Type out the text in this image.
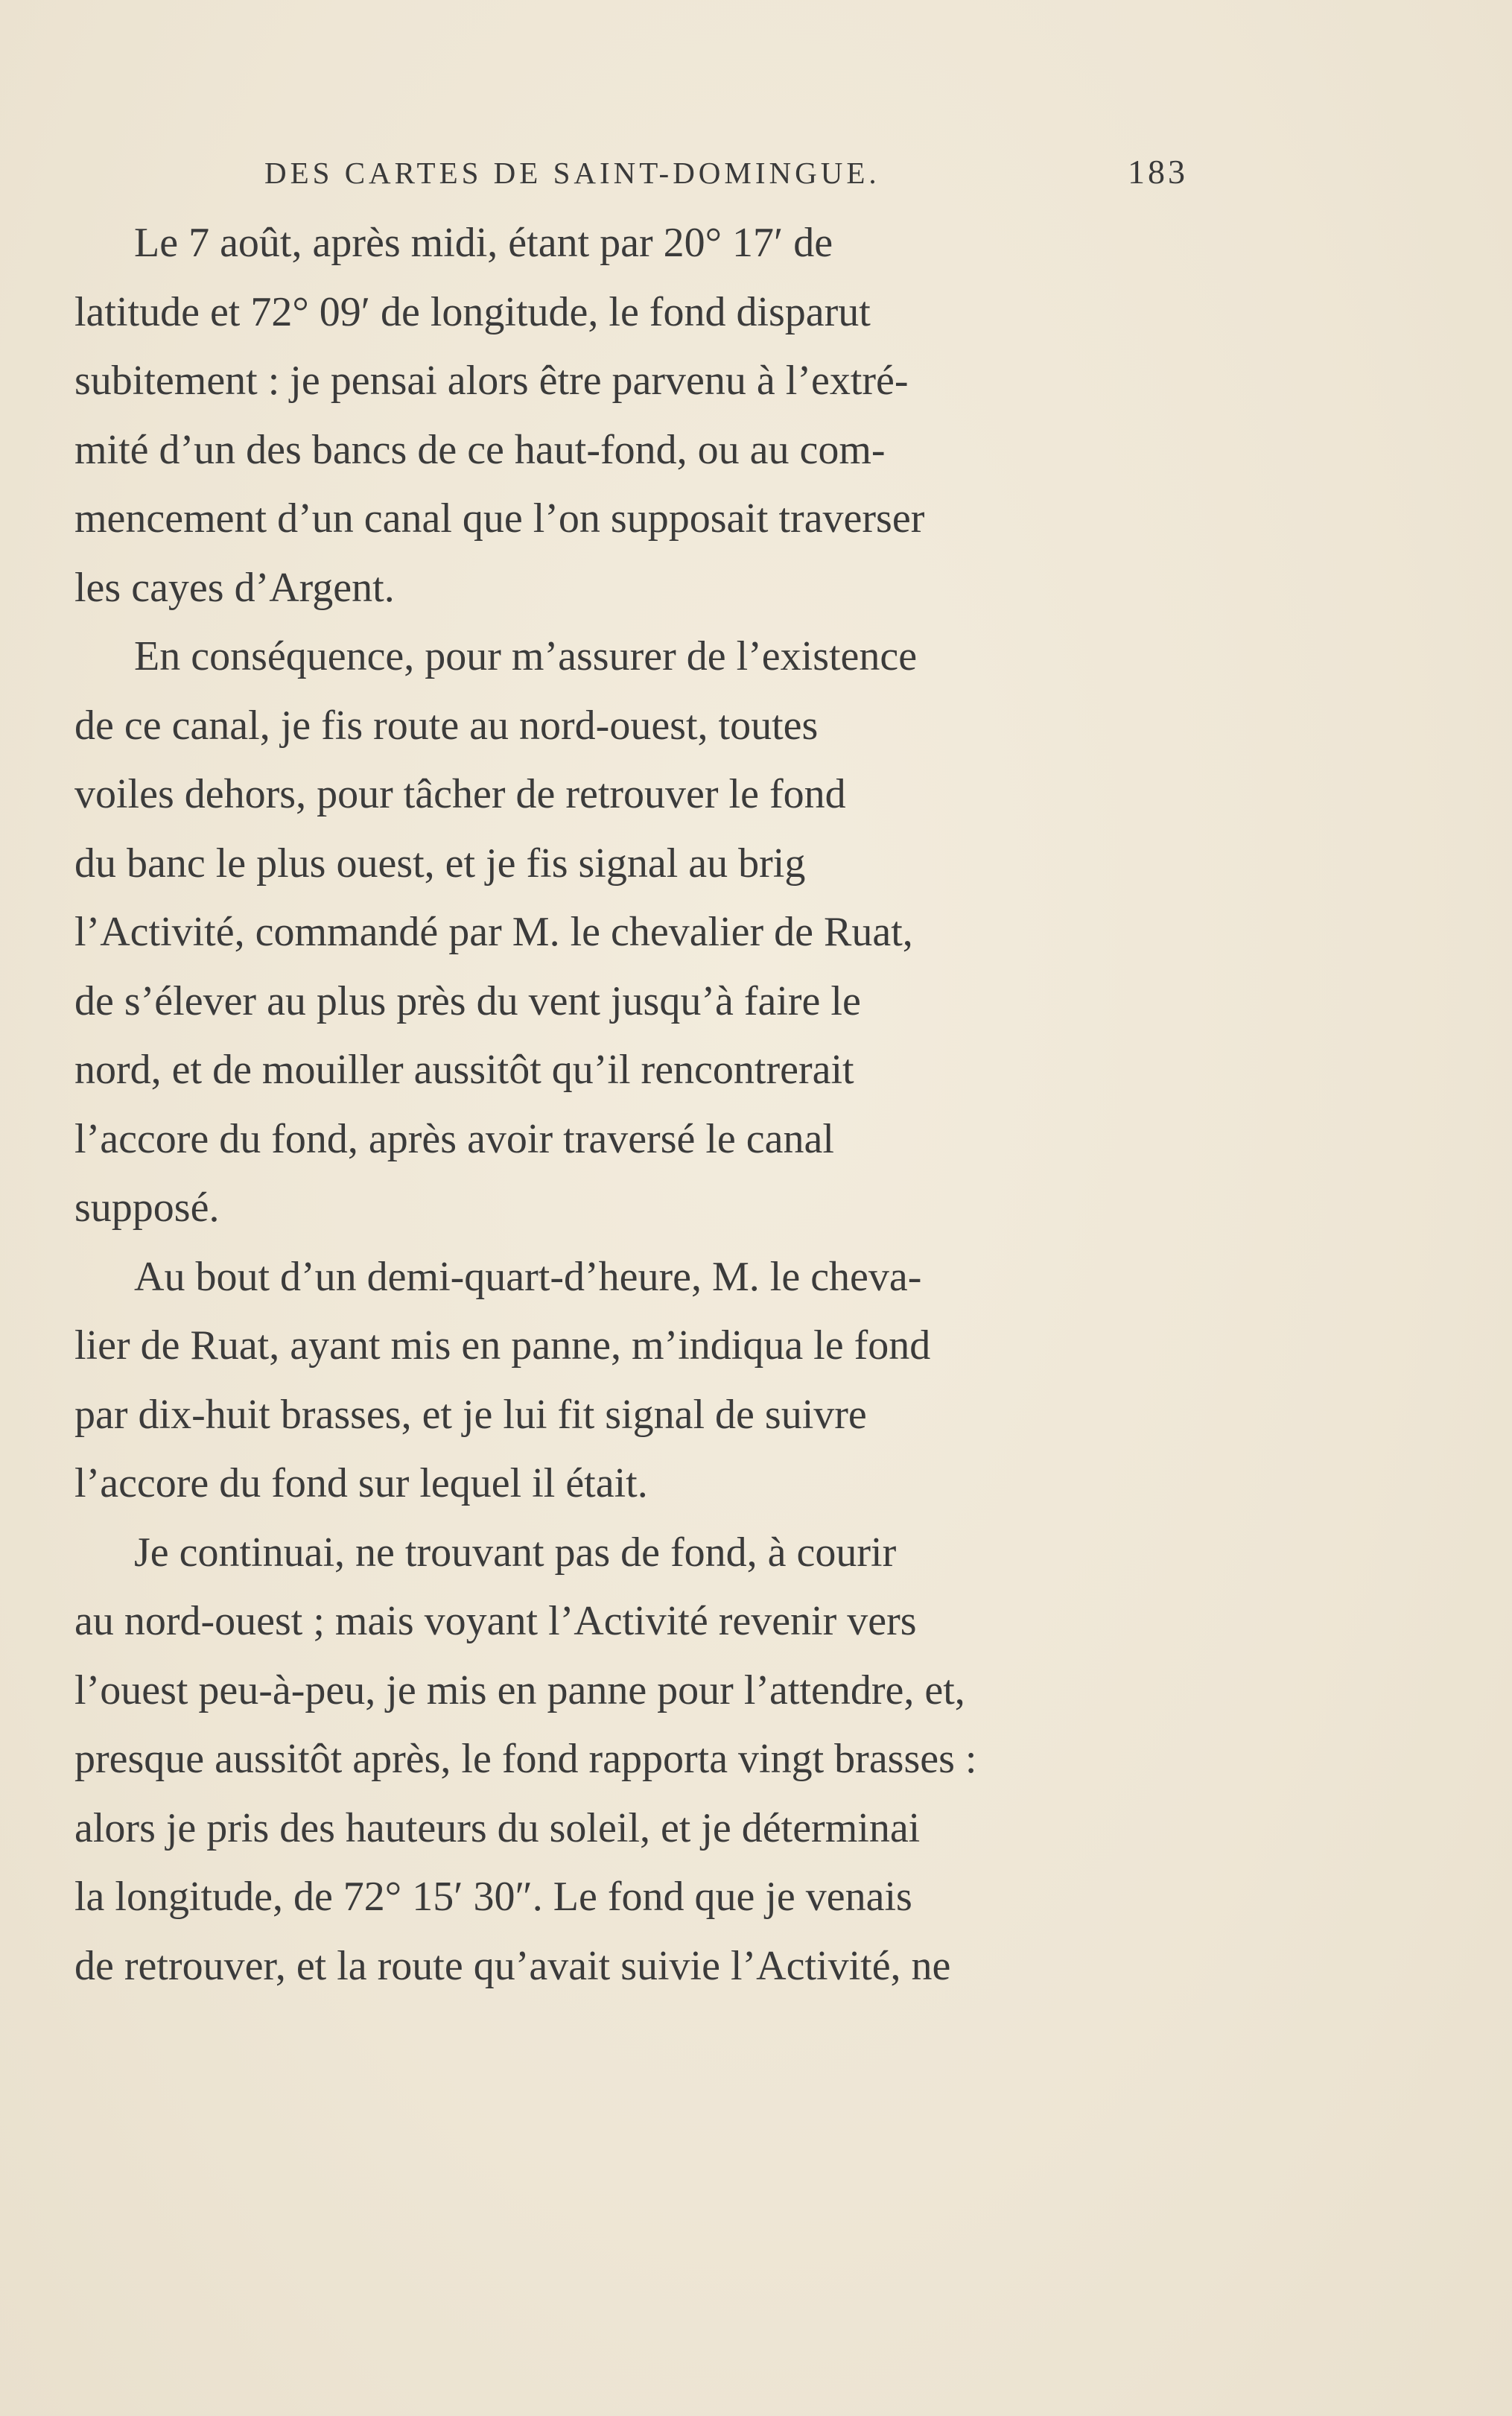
DES CARTES DE SAINT-DOMINGUE.	183
Le 7 août, après midi, étant par 20° 17′ de
latitude et 72° 09′ de longitude, le fond disparut
subitement : je pensai alors être parvenu à l’extré-
mité d’un des bancs de ce haut-fond, ou au com-
mencement d’un canal que l’on supposait traverser
les cayes d’Argent.
En conséquence, pour m’assurer de l’existence
de ce canal, je fis route au nord-ouest, toutes
voiles dehors, pour tâcher de retrouver le fond
du banc le plus ouest, et je fis signal au brig
l’Activité, commandé par M. le chevalier de Ruat,
de s’élever au plus près du vent jusqu’à faire le
nord, et de mouiller aussitôt qu’il rencontrerait
l’accore du fond, après avoir traversé le canal
supposé.
Au bout d’un demi-quart-d’heure, M. le cheva-
lier de Ruat, ayant mis en panne, m’indiqua le fond
par dix-huit brasses, et je lui fit signal de suivre
l’accore du fond sur lequel il était.
Je continuai, ne trouvant pas de fond, à courir
au nord-ouest ; mais voyant l’Activité revenir vers
l’ouest peu-à-peu, je mis en panne pour l’attendre, et,
presque aussitôt après, le fond rapporta vingt brasses :
alors je pris des hauteurs du soleil, et je déterminai
la longitude, de 72° 15′ 30″. Le fond que je venais
de retrouver, et la route qu’avait suivie l’Activité, ne
